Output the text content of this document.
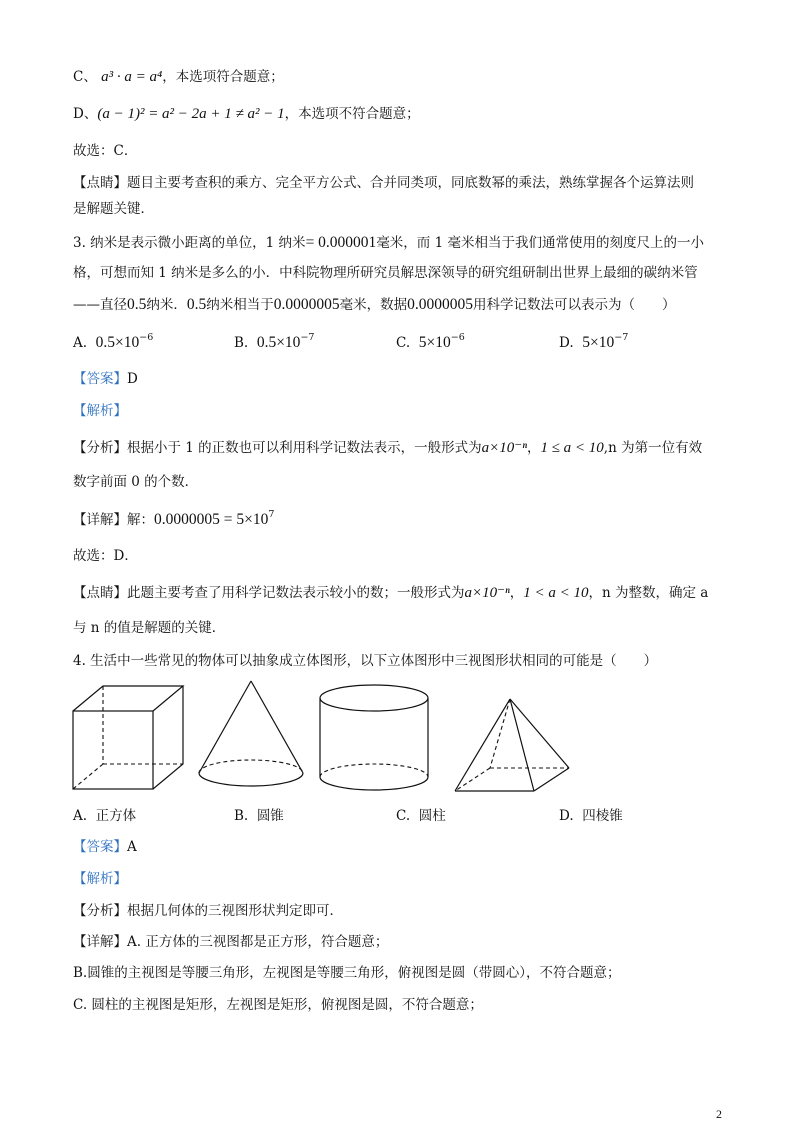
C、 a³ · a = a⁴，本选项符合题意；
D、(a − 1)² = a² − 2a + 1 ≠ a² − 1，本选项不符合题意；
故选：C．
【点睛】题目主要考查积的乘方、完全平方公式、合并同类项，同底数幂的乘法，熟练掌握各个运算法则
是解题关键．
3. 纳米是表示微小距离的单位，1 纳米= 0.000001毫米，而 1 毫米相当于我们通常使用的刻度尺上的一小
格，可想而知 1 纳米是多么的小．中科院物理所研究员解思深领导的研究组研制出世界上最细的碳纳米管
——直径0.5纳米．0.5纳米相当于0.0000005毫米，数据0.0000005用科学记数法可以表示为（　　）
A. $0.5\times 10^{-6}$	B. $0.5\times 10^{-7}$	C. $5\times 10^{-6}$	D. $5\times 10^{-7}$
【答案】D
【解析】
【分析】根据小于 1 的正数也可以利用科学记数法表示，一般形式为a×10⁻ⁿ，1 ≤ a < 10,n 为第一位有效
数字前面 0 的个数．
【详解】解：$0.0000005 = 5\times 10^7$
故选：D．
【点睛】此题主要考查了用科学记数法表示较小的数；一般形式为a×10⁻ⁿ，1 < a < 10，n 为整数，确定 a
与 n 的值是解题的关键．
4. 生活中一些常见的物体可以抽象成立体图形，以下立体图形中三视图形状相同的可能是（　　）
A. 正方体	B. 圆锥	C. 圆柱	D. 四棱锥
【答案】A
【解析】
【分析】根据几何体的三视图形状判定即可．
【详解】A. 正方体的三视图都是正方形，符合题意；
B.圆锥的主视图是等腰三角形，左视图是等腰三角形，俯视图是圆（带圆心），不符合题意；
C. 圆柱的主视图是矩形，左视图是矩形，俯视图是圆，不符合题意；
2
